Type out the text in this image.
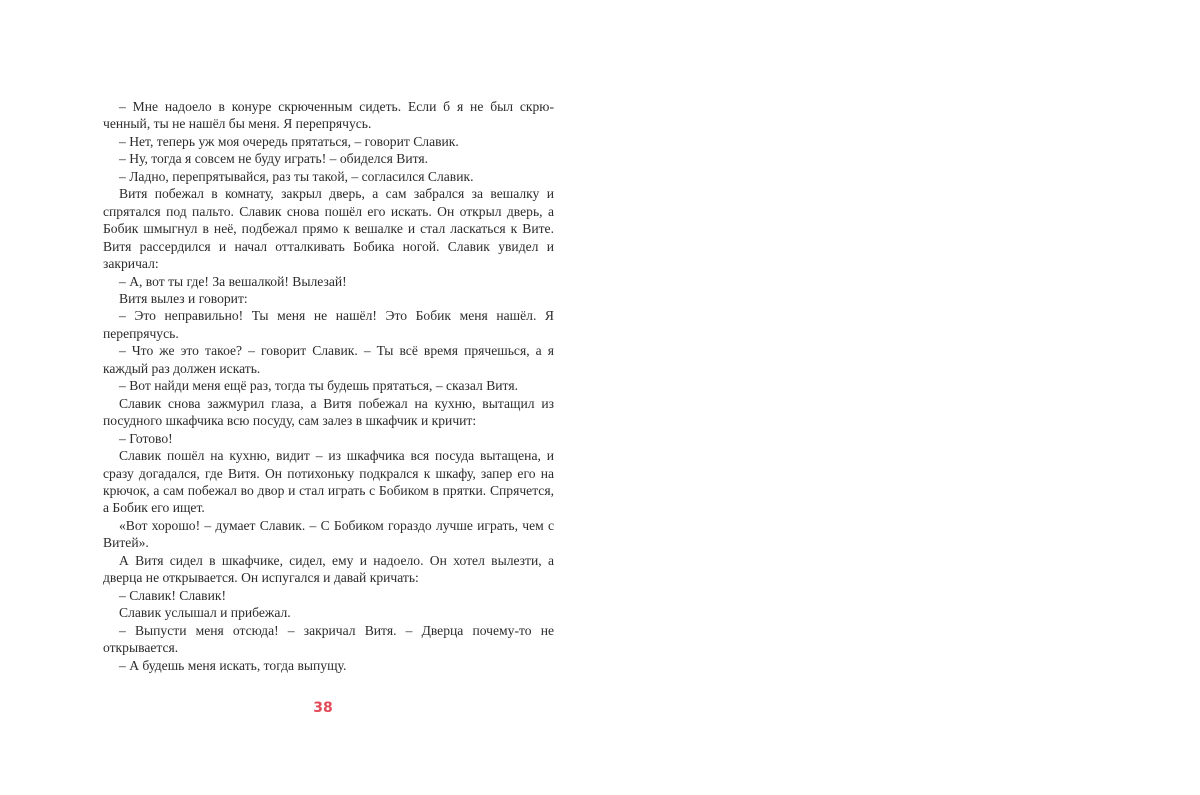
– Мне надоело в конуре скрюченным сидеть. Если б я не был скрюченный, ты не нашёл бы меня. Я перепрячусь.

– Нет, теперь уж моя очередь прятаться, – говорит Славик.

– Ну, тогда я совсем не буду играть! – обиделся Витя.

– Ладно, перепрятывайся, раз ты такой, – согласился Славик.

Витя побежал в комнату, закрыл дверь, а сам забрался за вешалку и спрятался под пальто. Славик снова пошёл его искать. Он открыл дверь, а Бобик шмыгнул в неё, подбежал прямо к вешалке и стал ласкаться к Вите. Витя рассердился и начал отталкивать Бобика ногой. Славик увидел и закричал:

– А, вот ты где! За вешалкой! Вылезай!

Витя вылез и говорит:

– Это неправильно! Ты меня не нашёл! Это Бобик меня нашёл. Я перепрячусь.

– Что же это такое? – говорит Славик. – Ты всё время прячешься, а я каждый раз должен искать.

– Вот найди меня ещё раз, тогда ты будешь прятаться, – сказал Витя.

Славик снова зажмурил глаза, а Витя побежал на кухню, вытащил из посудного шкафчика всю посуду, сам залез в шкафчик и кричит:

– Готово!

Славик пошёл на кухню, видит – из шкафчика вся посуда вытащена, и сразу догадался, где Витя. Он потихоньку подкрался к шкафу, запер его на крючок, а сам побежал во двор и стал играть с Бобиком в прятки. Спрячется, а Бобик его ищет.

«Вот хорошо! – думает Славик. – С Бобиком гораздо лучше играть, чем с Витей».

А Витя сидел в шкафчике, сидел, ему и надоело. Он хотел вылезти, а дверца не открывается. Он испугался и давай кричать:

– Славик! Славик!

Славик услышал и прибежал.

– Выпусти меня отсюда! – закричал Витя. – Дверца почему-то не открывается.

– А будешь меня искать, тогда выпущу.

38
